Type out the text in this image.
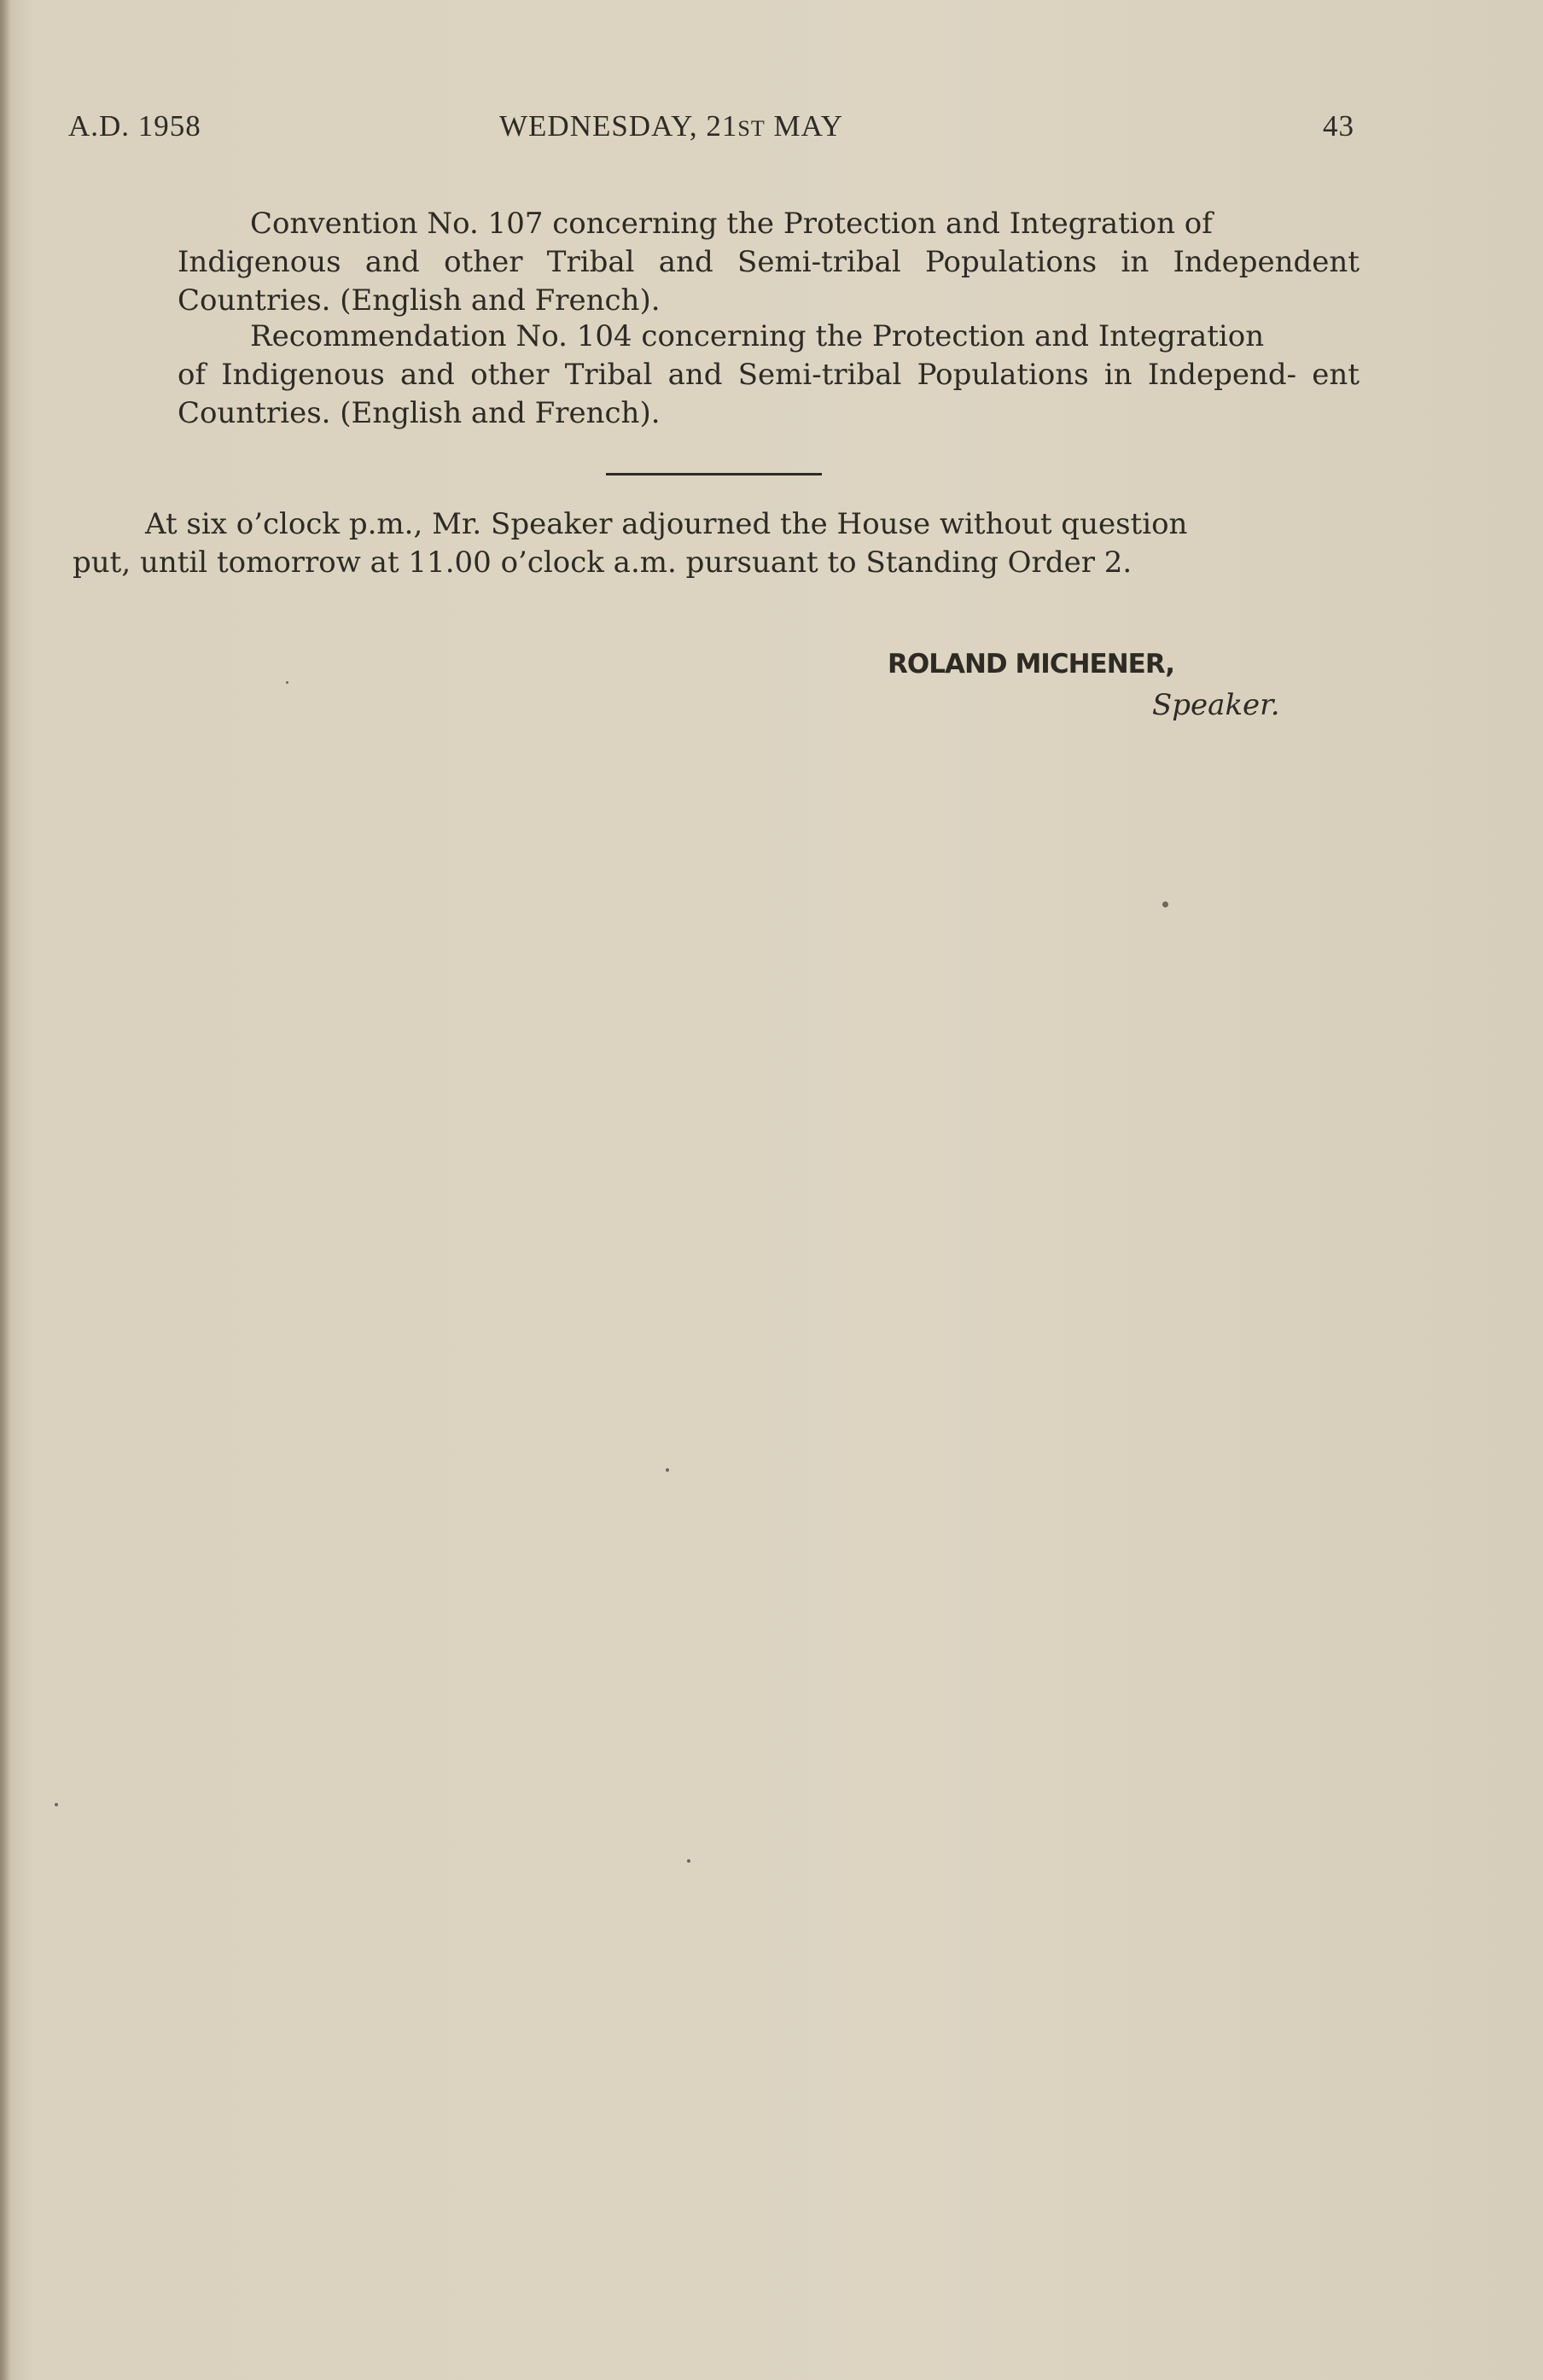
A.D. 1958	WEDNESDAY, 21ST MAY	43
Convention No. 107 concerning the Protection and Integration of
Indigenous and other Tribal and Semi-tribal Populations in Independent Countries. (English and French).
Recommendation No. 104 concerning the Protection and Integration
of Indigenous and other Tribal and Semi-tribal Populations in Independ- ent Countries. (English and French).
At six o’clock p.m., Mr. Speaker adjourned the House without question
put, until tomorrow at 11.00 o’clock a.m. pursuant to Standing Order 2.
ROLAND MICHENER,
Speaker.
